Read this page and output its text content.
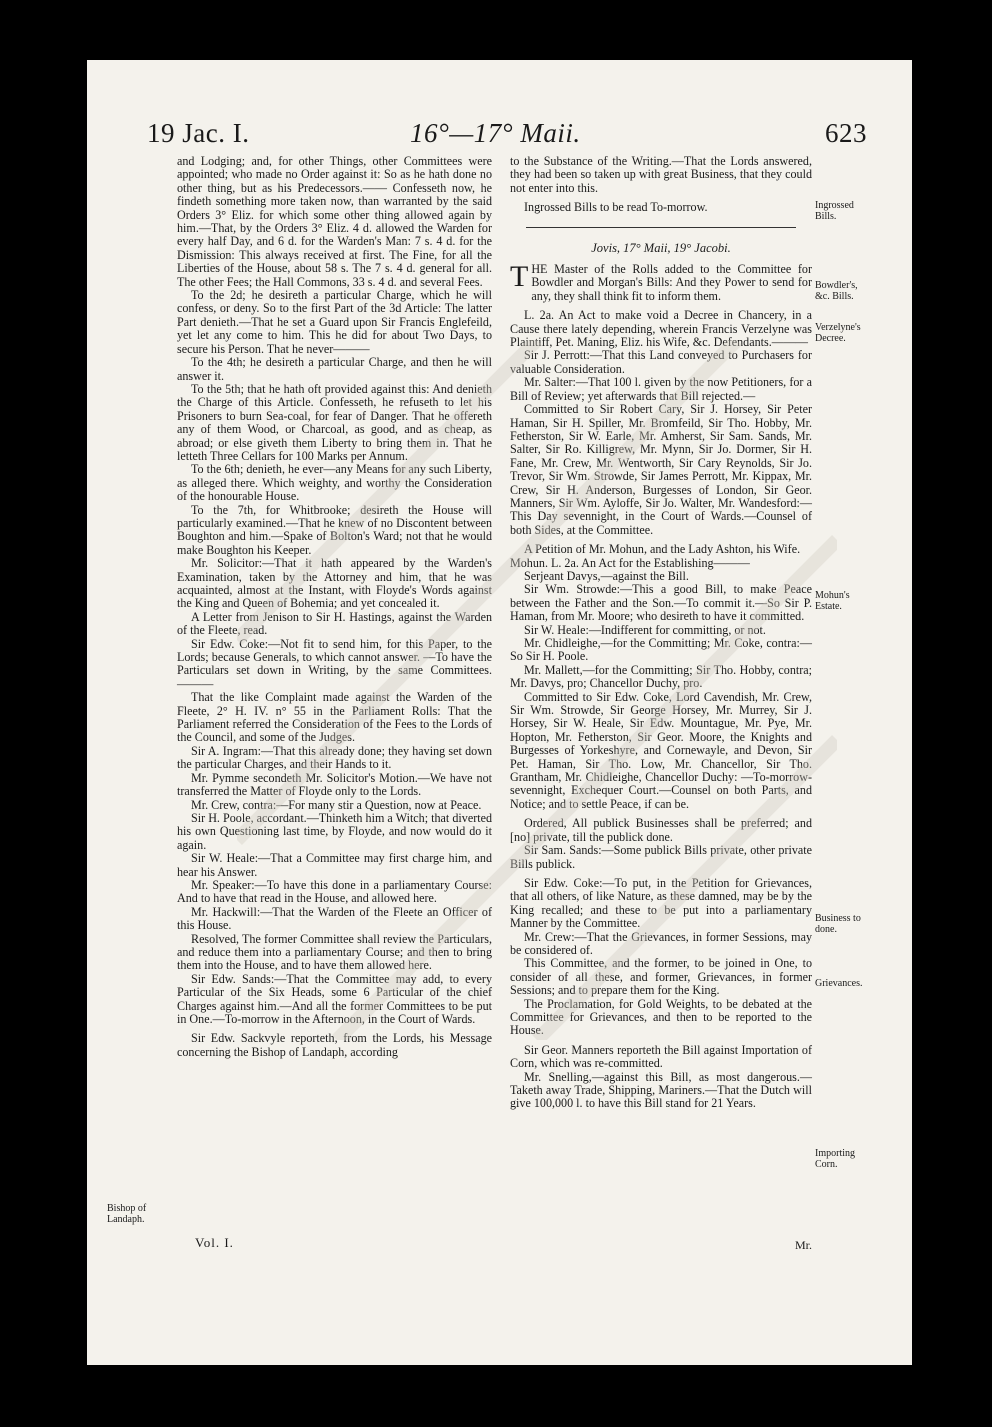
19 Jac. I.	16°—17° Maii.	623

and Lodging; and, for other Things, other Committees were appointed; who made no Order against it: So as he hath done no other thing, but as his Predecessors.—— Confesseth now, he findeth something more taken now, than warranted by the said Orders 3° Eliz. for which some other thing allowed again by him.—That, by the Orders 3° Eliz. 4 d. allowed the Warden for every half Day, and 6 d. for the Warden's Man: 7 s. 4 d. for the Dismission: This always received at first. The Fine, for all the Liberties of the House, about 58 s. The 7 s. 4 d. general for all. The other Fees; the Hall Commons, 33 s. 4 d. and several Fees.

To the 2d; he desireth a particular Charge, which he will confess, or deny. So to the first Part of the 3d Article: The latter Part denieth.—That he set a Guard upon Sir Francis Englefeild, yet let any come to him. This he did for about Two Days, to secure his Person. That he never———

To the 4th; he desireth a particular Charge, and then he will answer it.

To the 5th; that he hath oft provided against this: And denieth the Charge of this Article. Confesseth, he refuseth to let his Prisoners to burn Sea-coal, for fear of Danger. That he offereth any of them Wood, or Charcoal, as good, and as cheap, as abroad; or else giveth them Liberty to bring them in. That he letteth Three Cellars for 100 Marks per Annum.

To the 6th; denieth, he ever—any Means for any such Liberty, as alleged there. Which weighty, and worthy the Consideration of the honourable House.

To the 7th, for Whitbrooke; desireth the House will particularly examined.—That he knew of no Discontent between Boughton and him.—Spake of Bolton's Ward; not that he would make Boughton his Keeper.

Mr. Solicitor:—That it hath appeared by the Warden's Examination, taken by the Attorney and him, that he was acquainted, almost at the Instant, with Floyde's Words against the King and Queen of Bohemia; and yet concealed it.

A Letter from Jenison to Sir H. Hastings, against the Warden of the Fleete, read.

Sir Edw. Coke:—Not fit to send him, for this Paper, to the Lords; because Generals, to which cannot answer. —To have the Particulars set down in Writing, by the same Committees.———

That the like Complaint made against the Warden of the Fleete, 2° H. IV. n° 55 in the Parliament Rolls: That the Parliament referred the Consideration of the Fees to the Lords of the Council, and some of the Judges.

Sir A. Ingram:—That this already done; they having set down the particular Charges, and their Hands to it.

Mr. Pymme secondeth Mr. Solicitor's Motion.—We have not transferred the Matter of Floyde only to the Lords.

Mr. Crew, contra:—For many stir a Question, now at Peace.

Sir H. Poole, accordant.—Thinketh him a Witch; that diverted his own Questioning last time, by Floyde, and now would do it again.

Sir W. Heale:—That a Committee may first charge him, and hear his Answer.

Mr. Speaker:—To have this done in a parliamentary Course: And to have that read in the House, and allowed here.

Mr. Hackwill:—That the Warden of the Fleete an Officer of this House.

Resolved, The former Committee shall review the Particulars, and reduce them into a parliamentary Course; and then to bring them into the House, and to have them allowed here.

Sir Edw. Sands:—That the Committee may add, to every Particular of the Six Heads, some 6 Particular of the chief Charges against him.—And all the former Committees to be put in One.—To-morrow in the Afternoon, in the Court of Wards.

Sir Edw. Sackvyle reporteth, from the Lords, his Message concerning the Bishop of Landaph, according

to the Substance of the Writing.—That the Lords answered, they had been so taken up with great Business, that they could not enter into this.

Ingrossed Bills to be read To-morrow.

Jovis, 17° Maii, 19° Jacobi.

THE Master of the Rolls added to the Committee for Bowdler and Morgan's Bills: And they Power to send for any, they shall think fit to inform them.

L. 2a. An Act to make void a Decree in Chancery, in a Cause there lately depending, wherein Francis Verzelyne was Plaintiff, Pet. Maning, Eliz. his Wife, &c. Defendants.———

Sir J. Perrott:—That this Land conveyed to Purchasers for valuable Consideration.

Mr. Salter:—That 100 l. given by the now Petitioners, for a Bill of Review; yet afterwards that Bill rejected.—

Committed to Sir Robert Cary, Sir J. Horsey, Sir Peter Haman, Sir H. Spiller, Mr. Bromfeild, Sir Tho. Hobby, Mr. Fetherston, Sir W. Earle, Mr. Amherst, Sir Sam. Sands, Mr. Salter, Sir Ro. Killigrew, Mr. Mynn, Sir Jo. Dormer, Sir H. Fane, Mr. Crew, Mr. Wentworth, Sir Cary Reynolds, Sir Jo. Trevor, Sir Wm. Strowde, Sir James Perrott, Mr. Kippax, Mr. Crew, Sir H. Anderson, Burgesses of London, Sir Geor. Manners, Sir Wm. Ayloffe, Sir Jo. Walter, Mr. Wandesford:—This Day sevennight, in the Court of Wards.—Counsel of both Sides, at the Committee.

A Petition of Mr. Mohun, and the Lady Ashton, his Wife.

Mohun. L. 2a. An Act for the Establishing———

Serjeant Davys,—against the Bill.

Sir Wm. Strowde:—This a good Bill, to make Peace between the Father and the Son.—To commit it.—So Sir P. Haman, from Mr. Moore; who desireth to have it committed.

Sir W. Heale:—Indifferent for committing, or not.

Mr. Chidleighe,—for the Committing; Mr. Coke, contra:—So Sir H. Poole.

Mr. Mallett,—for the Committing; Sir Tho. Hobby, contra; Mr. Davys, pro; Chancellor Duchy, pro.

Committed to Sir Edw. Coke, Lord Cavendish, Mr. Crew, Sir Wm. Strowde, Sir George Horsey, Mr. Murrey, Sir J. Horsey, Sir W. Heale, Sir Edw. Mountague, Mr. Pye, Mr. Hopton, Mr. Fetherston, Sir Geor. Moore, the Knights and Burgesses of Yorkeshyre, and Cornewayle, and Devon, Sir Pet. Haman, Sir Tho. Low, Mr. Chancellor, Sir Tho. Grantham, Mr. Chidleighe, Chancellor Duchy: —To-morrow-sevennight, Exchequer Court.—Counsel on both Parts, and Notice; and to settle Peace, if can be.

Ordered, All publick Businesses shall be preferred; and [no] private, till the publick done.

Sir Sam. Sands:—Some publick Bills private, other private Bills publick.

Sir Edw. Coke:—To put, in the Petition for Grievances, that all others, of like Nature, as these damned, may be by the King recalled; and these to be put into a parliamentary Manner by the Committee.

Mr. Crew:—That the Grievances, in former Sessions, may be considered of.

This Committee, and the former, to be joined in One, to consider of all these, and former, Grievances, in former Sessions; and to prepare them for the King.

The Proclamation, for Gold Weights, to be debated at the Committee for Grievances, and then to be reported to the House.

Sir Geor. Manners reporteth the Bill against Importation of Corn, which was re-committed.

Mr. Snelling,—against this Bill, as most dangerous.—Taketh away Trade, Shipping, Mariners.—That the Dutch will give 100,000 l. to have this Bill stand for 21 Years.

Ingrossed Bills.
Bowdler's, &c. Bills.
Verzelyne's Decree.
Mohun's Estate.
Business to done.
Grievances.
Importing Corn.
Bishop of Landaph.
Vol. I.	Mr.
